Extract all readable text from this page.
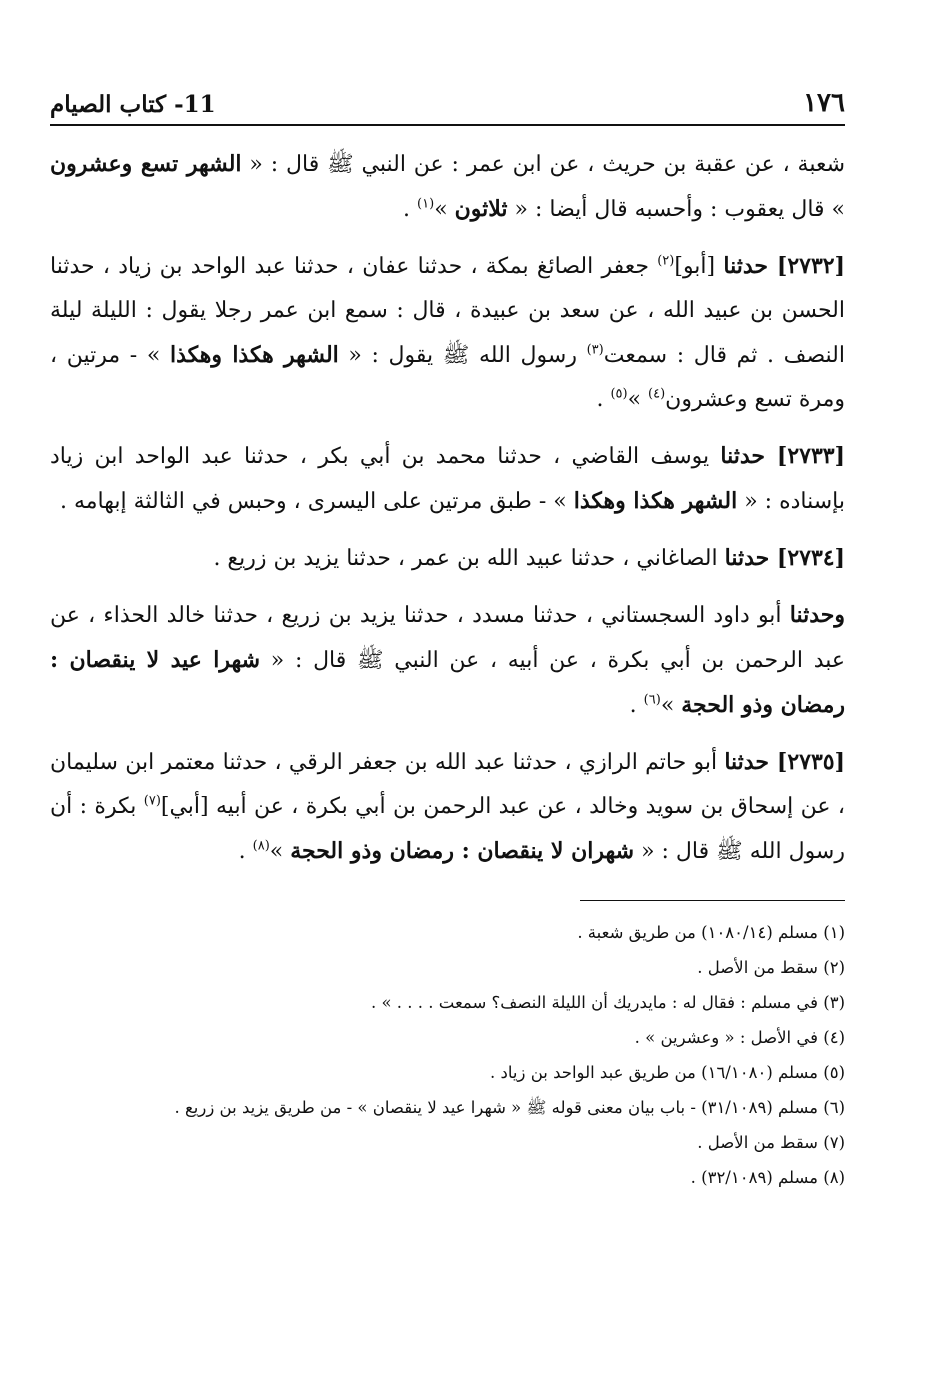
١٧٦
11- كتاب الصيام

شعبة ، عن عقبة بن حريث ، عن ابن عمر : عن النبي ﷺ قال : « الشهر تسع وعشرون » قال يعقوب : وأحسبه قال أيضا : « ثلاثون »$^{(١)}$ .

[٢٧٣٢] حدثنا [أبو]$^{(٢)}$ جعفر الصائغ بمكة ، حدثنا عفان ، حدثنا عبد الواحد بن زياد ، حدثنا الحسن بن عبيد الله ، عن سعد بن عبيدة ، قال : سمع ابن عمر رجلا يقول : الليلة ليلة النصف . ثم قال : سمعت$^{(٣)}$ رسول الله ﷺ يقول : « الشهر هكذا وهكذا » - مرتين ، ومرة تسع وعشرون$^{(٤)}$ »$^{(٥)}$ .

[٢٧٣٣] حدثنا يوسف القاضي ، حدثنا محمد بن أبي بكر ، حدثنا عبد الواحد ابن زياد بإسناده : « الشهر هكذا وهكذا » - طبق مرتين على اليسرى ، وحبس في الثالثة إبهامه .

[٢٧٣٤] حدثنا الصاغاني ، حدثنا عبيد الله بن عمر ، حدثنا يزيد بن زريع .

وحدثنا أبو داود السجستاني ، حدثنا مسدد ، حدثنا يزيد بن زريع ، حدثنا خالد الحذاء ، عن عبد الرحمن بن أبي بكرة ، عن أبيه ، عن النبي ﷺ قال : « شهرا عيد لا ينقصان : رمضان وذو الحجة »$^{(٦)}$ .

[٢٧٣٥] حدثنا أبو حاتم الرازي ، حدثنا عبد الله بن جعفر الرقي ، حدثنا معتمر ابن سليمان ، عن إسحاق بن سويد وخالد ، عن عبد الرحمن بن أبي بكرة ، عن أبيه [أبي]$^{(٧)}$ بكرة : أن رسول الله ﷺ قال : « شهران لا ينقصان : رمضان وذو الحجة »$^{(٨)}$ .

(١) مسلم (١٠٨٠/١٤) من طريق شعبة .
(٢) سقط من الأصل .
(٣) في مسلم : فقال له : مايدريك أن الليلة النصف؟ سمعت . . . . » .
(٤) في الأصل : « وعشرين » .
(٥) مسلم (١٦/١٠٨٠) من طريق عبد الواحد بن زياد .
(٦) مسلم (٣١/١٠٨٩) - باب بيان معنى قوله ﷺ « شهرا عيد لا ينقصان » - من طريق يزيد بن زريع .
(٧) سقط من الأصل .
(٨) مسلم (٣٢/١٠٨٩) .
